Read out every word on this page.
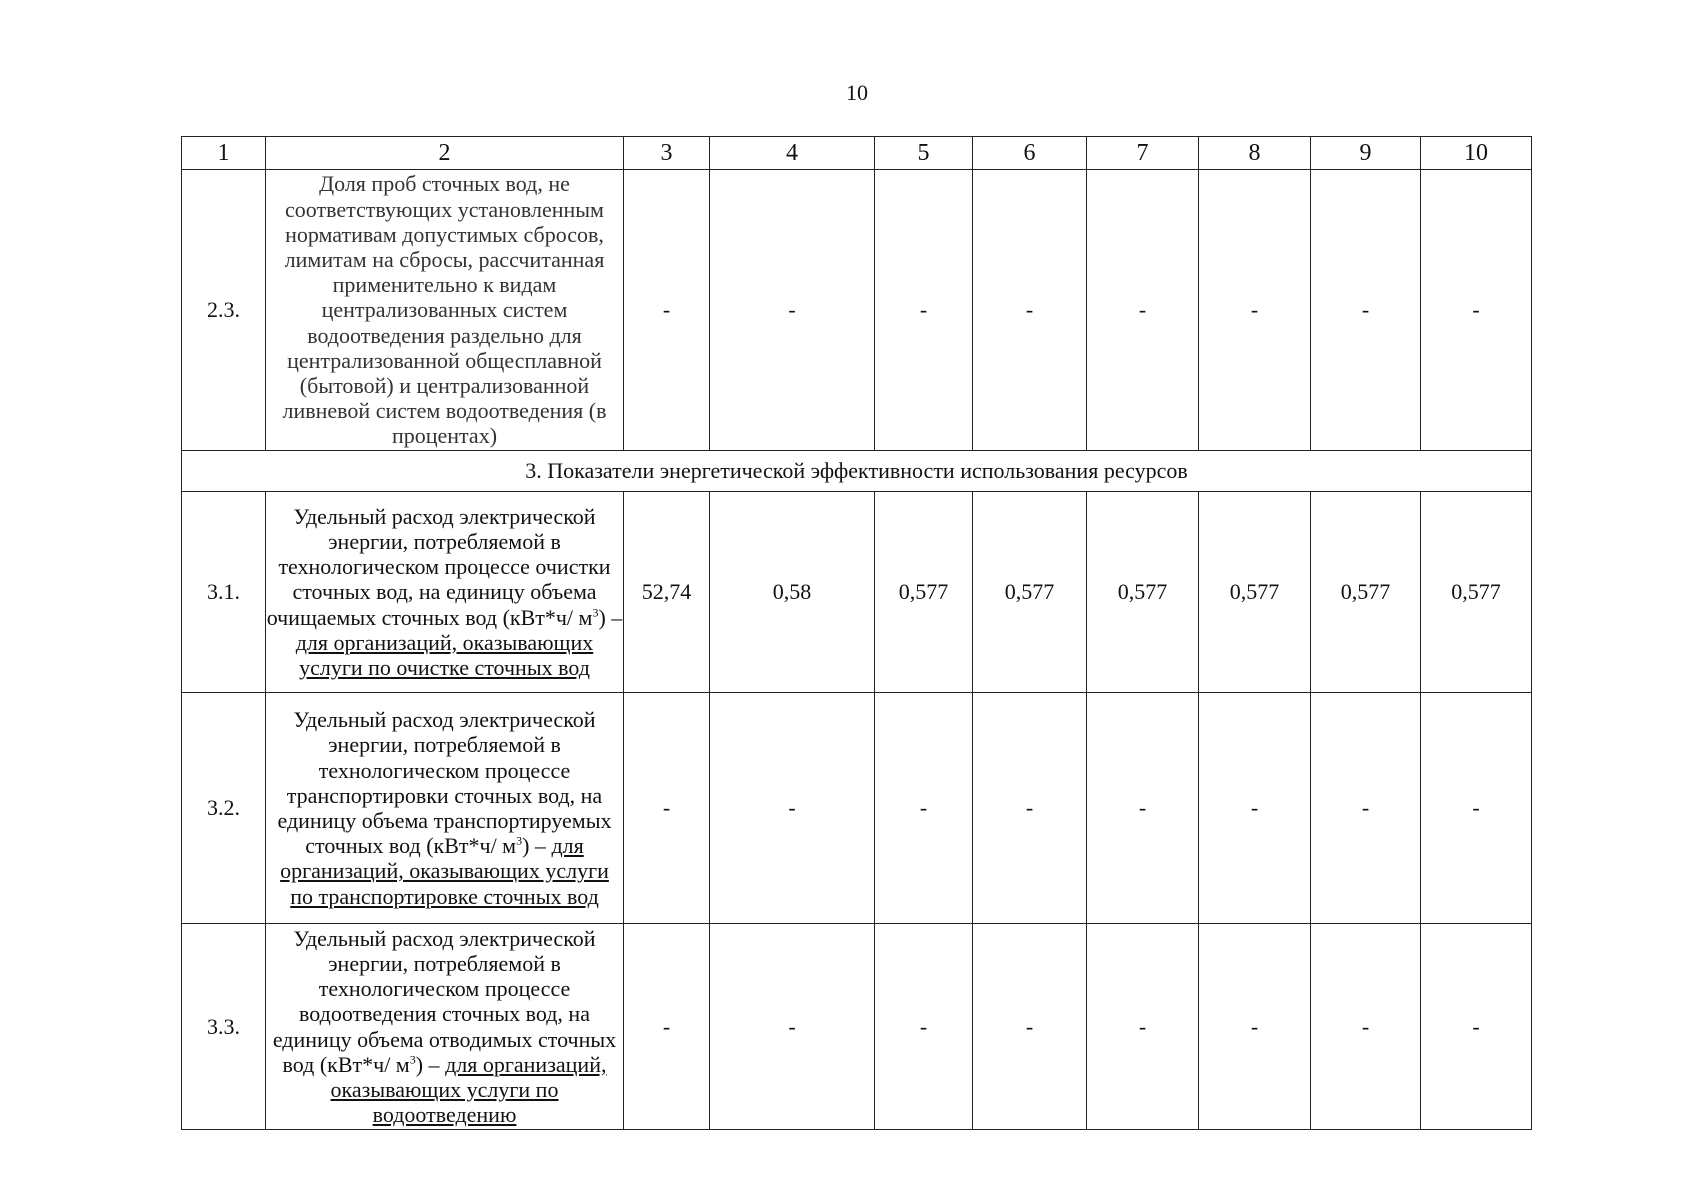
10
1	2	3	4	5	6	7	8	9	10
2.3.	Доля проб сточных вод, не соответствующих установленным нормативам допустимых сбросов, лимитам на сбросы, рассчитанная применительно к видам централизованных систем водоотведения раздельно для централизованной общесплавной (бытовой) и централизованной ливневой систем водоотведения (в процентах)	-	-	-	-	-	-	-	-
3. Показатели энергетической эффективности использования ресурсов									
3.1.	Удельный расход электрической энергии, потребляемой в технологическом процессе очистки сточных вод, на единицу объема очищаемых сточных вод (кВт*ч/ $м^3$) – для организаций, оказывающих услуги по очистке сточных вод	52,74	0,58	0,577	0,577	0,577	0,577	0,577	0,577
3.2.	Удельный расход электрической энергии, потребляемой в технологическом процессе транспортировки сточных вод, на единицу объема транспортируемых сточных вод (кВт*ч/ $м^3$) – для организаций, оказывающих услуги по транспортировке сточных вод	-	-	-	-	-	-	-	-
3.3.	Удельный расход электрической энергии, потребляемой в технологическом процессе водоотведения сточных вод, на единицу объема отводимых сточных вод (кВт*ч/ $м^3$) – для организаций, оказывающих услуги по водоотведению	-	-	-	-	-	-	-	-
